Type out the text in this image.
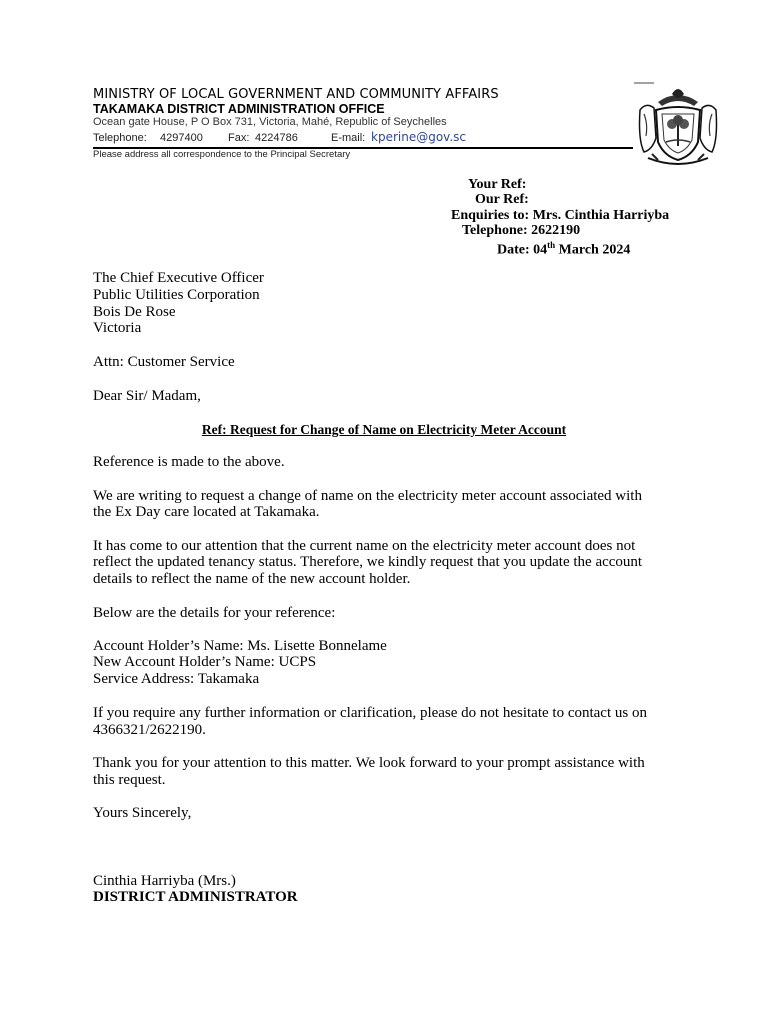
MINISTRY OF LOCAL GOVERNMENT AND COMMUNITY AFFAIRS
TAKAMAKA DISTRICT ADMINISTRATION OFFICE
Ocean gate House, P O Box 731, Victoria, Mahé, Republic of Seychelles
Telephone: 4297400 Fax: 4224786	E-mail: kperine@gov.sc
Please address all correspondence to the Principal Secretary
Your Ref:
Our Ref:
Enquiries to: Mrs. Cinthia Harriyba
Telephone: 2622190
Date: 04th March 2024
The Chief Executive Officer
Public Utilities Corporation
Bois De Rose
Victoria
Attn: Customer Service
Dear Sir/ Madam,
Ref: Request for Change of Name on Electricity Meter Account
Reference is made to the above.
We are writing to request a change of name on the electricity meter account associated with
the Ex Day care located at Takamaka.
It has come to our attention that the current name on the electricity meter account does not
reflect the updated tenancy status. Therefore, we kindly request that you update the account
details to reflect the name of the new account holder.
Below are the details for your reference:
Account Holder’s Name: Ms. Lisette Bonnelame
New Account Holder’s Name: UCPS
Service Address: Takamaka
If you require any further information or clarification, please do not hesitate to contact us on
4366321/2622190.
Thank you for your attention to this matter. We look forward to your prompt assistance with
this request.
Yours Sincerely,
Cinthia Harriyba (Mrs.)
DISTRICT ADMINISTRATOR
